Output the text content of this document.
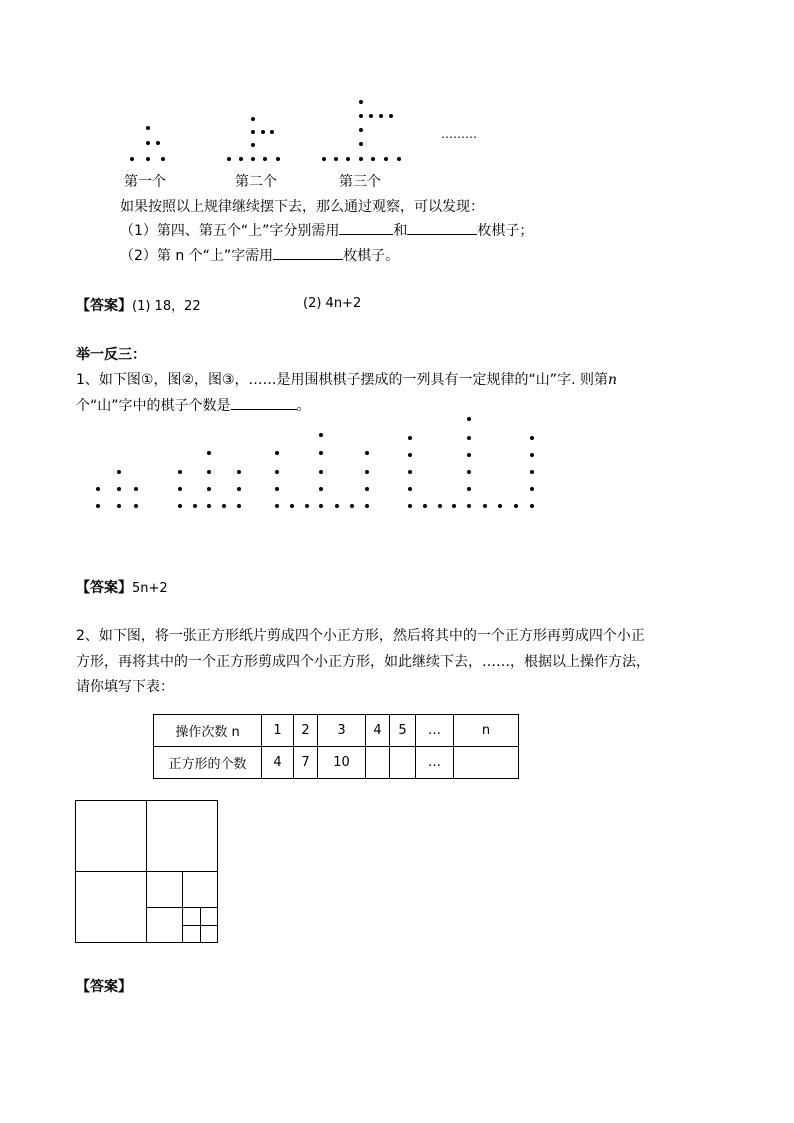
………
第一个	第二个	第三个
如果按照以上规律继续摆下去，那么通过观察，可以发现：
（1）第四、第五个“上”字分别需用	和	枚棋子；
（2）第 n 个“上”字需用	枚棋子。
【答案】(1) 18，22	(2) 4n+2
举一反三：
1、如下图①，图②，图③，……是用围棋棋子摆成的一列具有一定规律的“山”字. 则第n
个“山”字中的棋子个数是	。
【答案】5n+2
2、如下图，将一张正方形纸片剪成四个小正方形，然后将其中的一个正方形再剪成四个小正
方形，再将其中的一个正方形剪成四个小正方形，如此继续下去，……，根据以上操作方法，
请你填写下表：
操作次数 n	1	2	3	4	5	…	n
正方形的个数	4	7	10			…	
【答案】
